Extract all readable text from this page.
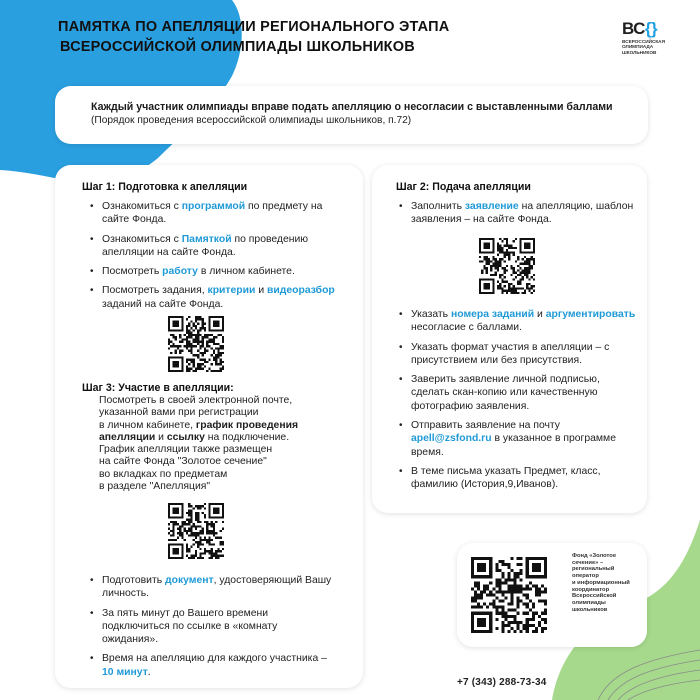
ПАМЯТКА ПО АПЕЛЛЯЦИИ РЕГИОНАЛЬНОГО ЭТАПА
ВСЕРОССИЙСКОЙ ОЛИМПИАДЫ ШКОЛЬНИКОВ
ВС{}
ВСЕРОССИЙСКАЯ
ОЛИМПИАДА
ШКОЛЬНИКОВ
Каждый участник олимпиады вправе подать апелляцию о несогласии с выставленными баллами
(Порядок проведения всероссийской олимпиады школьников, п.72)
Шаг 1: Подготовка к апелляции
• Ознакомиться с программой по предмету на сайте Фонда.
• Ознакомиться с Памяткой по проведению апелляции на сайте Фонда.
• Посмотреть работу в личном кабинете.
• Посмотреть задания, критерии и видеоразбор заданий на сайте Фонда.
Шаг 3: Участие в апелляции:
Посмотреть в своей электронной почте,
указанной вами при регистрации
в личном кабинете, график проведения
апелляции и ссылку на подключение.
График апелляции также размещен
на сайте Фонда "Золотое сечение"
во вкладках по предметам
в разделе "Апелляция"
• Подготовить документ, удостоверяющий Вашу личность.
• За пять минут до Вашего времени подключиться по ссылке в «комнату ожидания».
• Время на апелляцию для каждого участника – 10 минут.
Шаг 2: Подача апелляции
• Заполнить заявление на апелляцию, шаблон заявления – на сайте Фонда.
• Указать номера заданий и аргументировать несогласие с баллами.
• Указать формат участия в апелляции – с присутствием или без присутствия.
• Заверить заявление личной подписью, сделать скан-копию или качественную фотографию заявления.
• Отправить заявление на почту apell@zsfond.ru в указанное в программе время.
• В теме письма указать Предмет, класс, фамилию (История,9,Иванов).
Фонд «Золотое
сечение» –
региональный
оператор
и информационный
координатор
Всероссийской
олимпиады
школьников
+7 (343) 288-73-34
